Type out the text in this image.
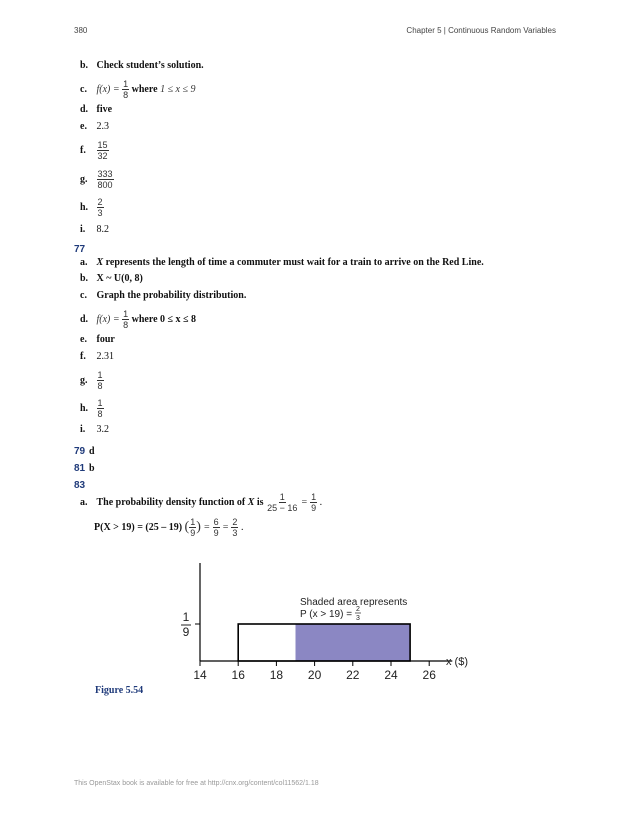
380	Chapter 5 | Continuous Random Variables
b. Check student’s solution.
c. $f(x) = \frac{1}{8}$ where 1 ≤ x ≤ 9
d. five
e. 2.3
f. $\frac{15}{32}$
g. $\frac{333}{800}$
h. $\frac{2}{3}$
i. 8.2
77
a. X represents the length of time a commuter must wait for a train to arrive on the Red Line.
b. X ~ U(0, 8)
c. Graph the probability distribution.
d. $f(x) = \frac{1}{8}$ where 0 ≤ x ≤ 8
e. four
f. 2.31
g. $\frac{1}{8}$
h. $\frac{1}{8}$
i. 3.2
79 d
81 b
83
a. The probability density function of X is $\frac{1}{25 - 16} = \frac{1}{9}$ .
P(X > 19) = (25 – 19) ( $\frac{1}{9}$ ) = $\frac{6}{9} = \frac{2}{3}$ .
14 16 18 20 22 24 26
1
9
x ($)
Shaded area represents
P (x > 19) = 2
3
Figure 5.54
This OpenStax book is available for free at http://cnx.org/content/col11562/1.18
